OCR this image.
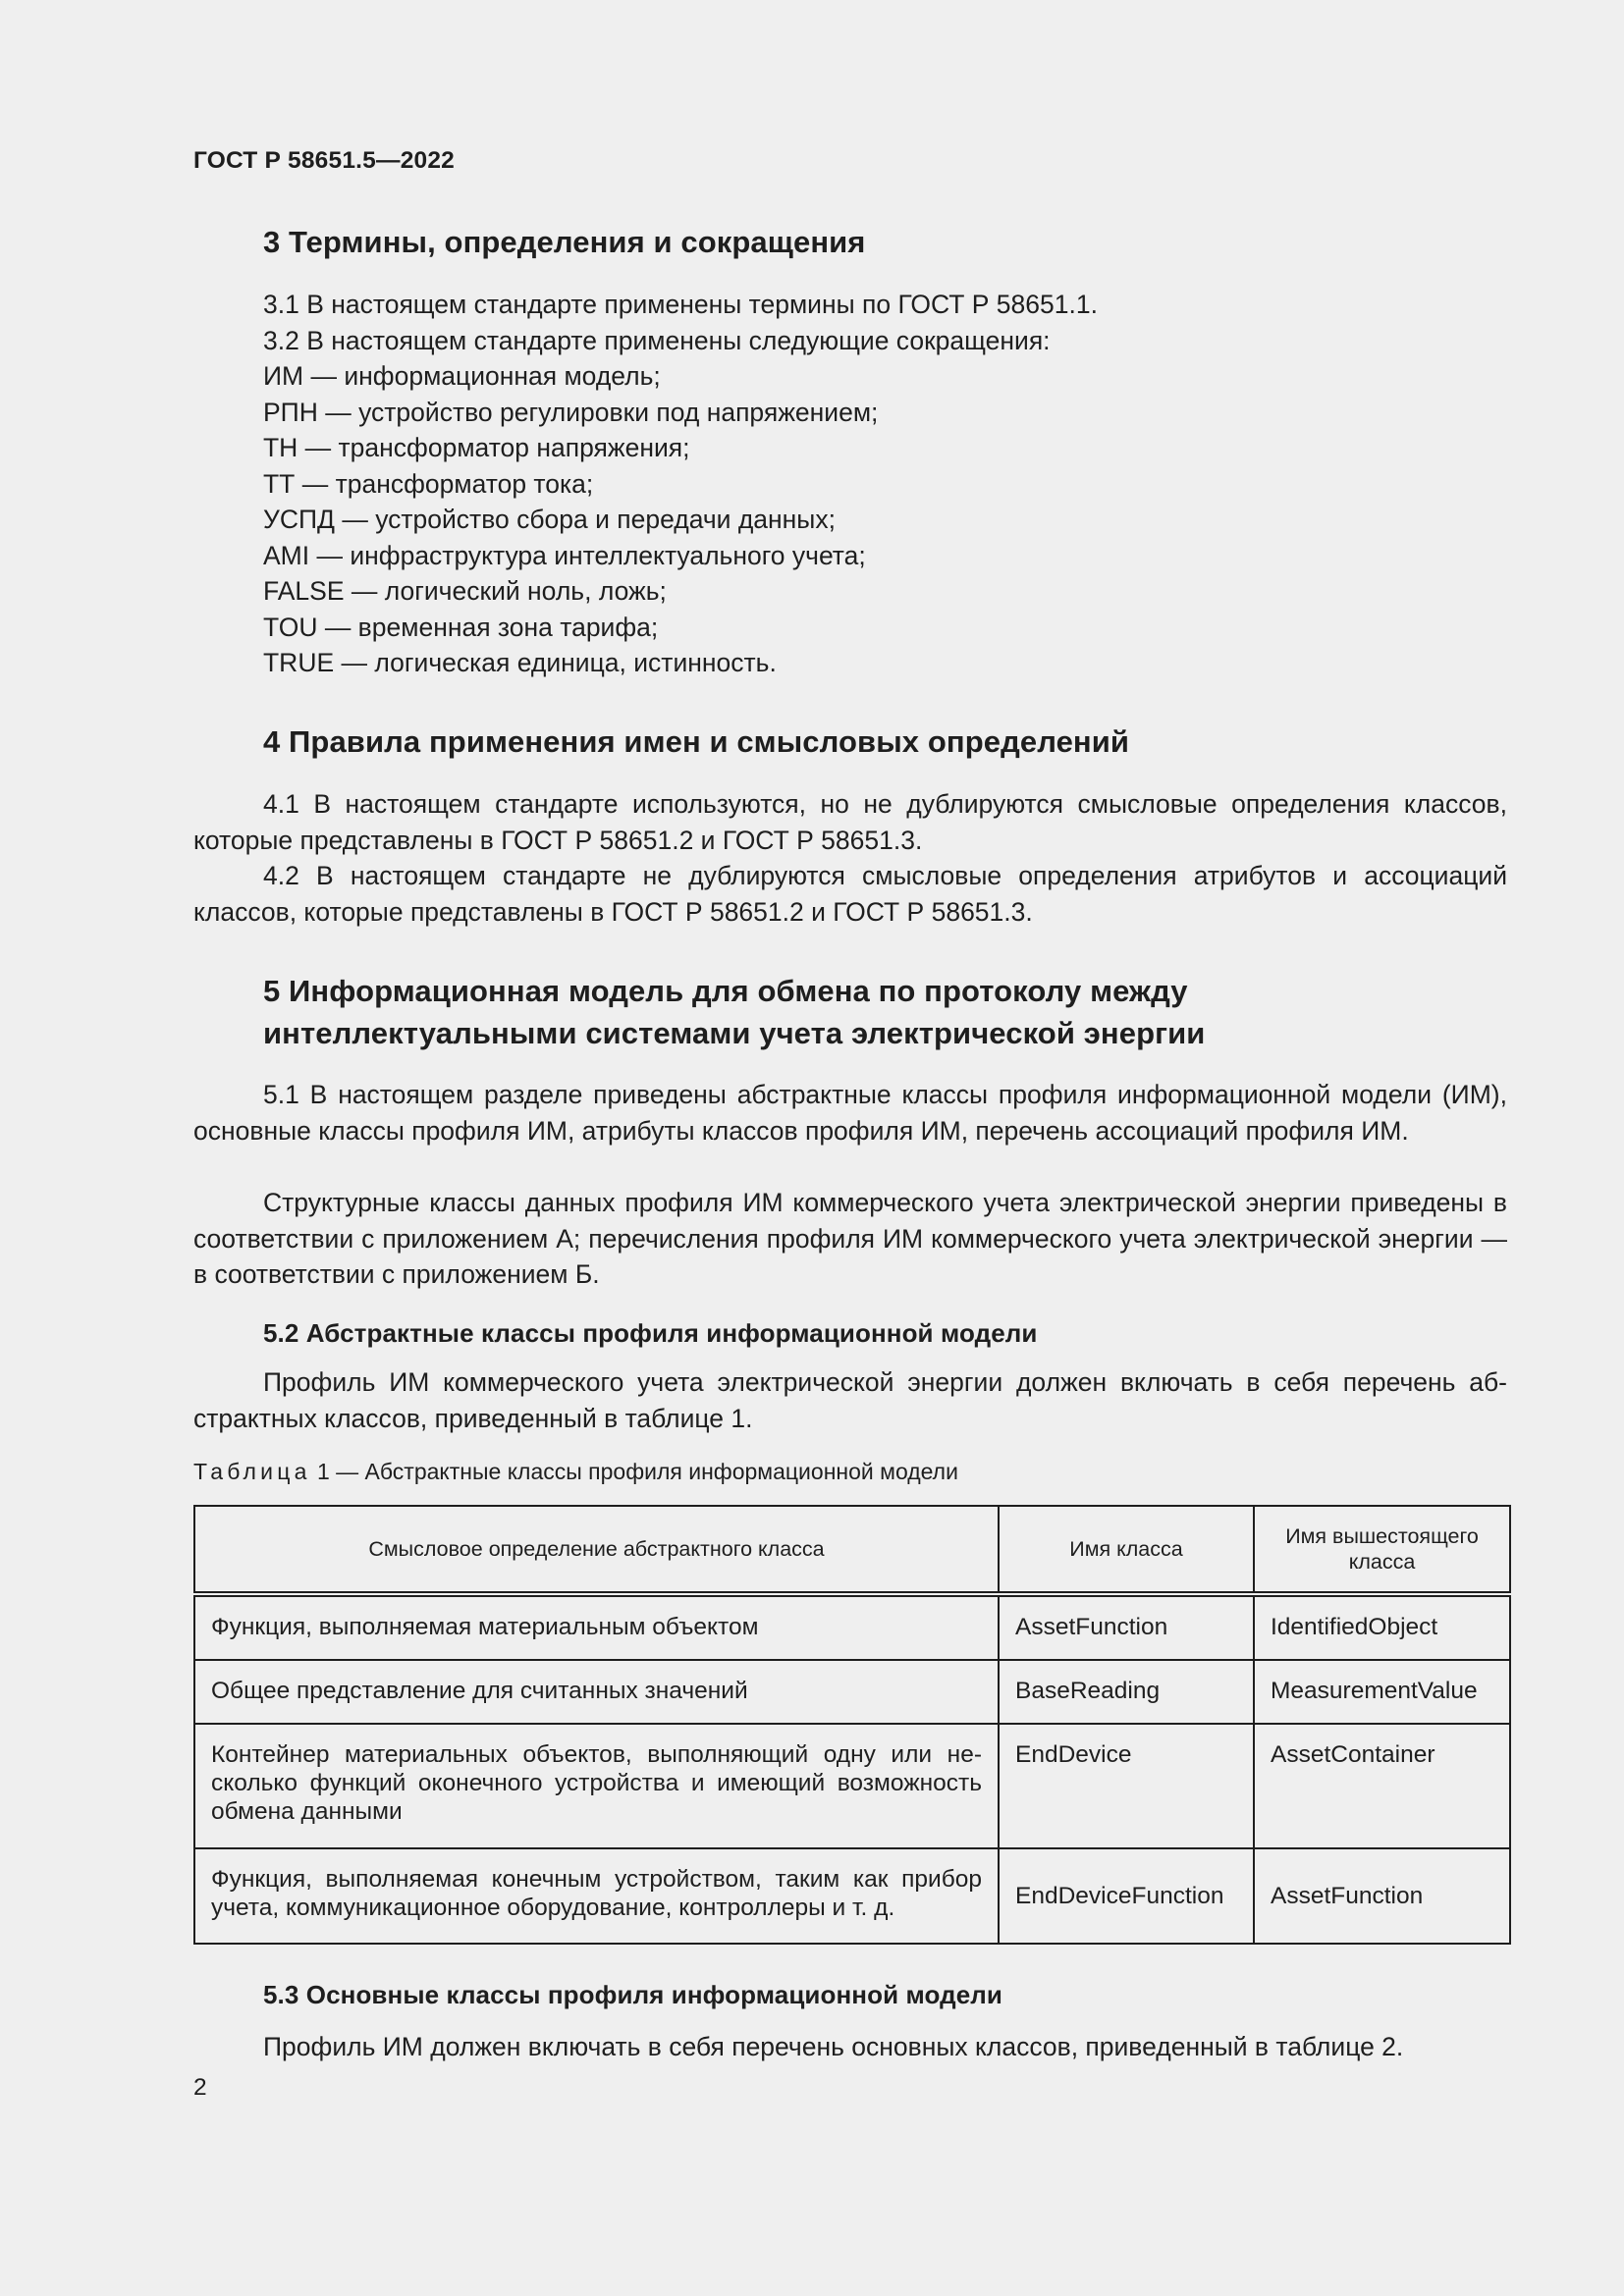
ГОСТ Р 58651.5—2022
3 Термины, определения и сокращения
3.1 В настоящем стандарте применены термины по ГОСТ Р 58651.1.
3.2 В настоящем стандарте применены следующие сокращения:
ИМ — информационная модель;
РПН — устройство регулировки под напряжением;
ТН — трансформатор напряжения;
ТТ — трансформатор тока;
УСПД — устройство сбора и передачи данных;
AMI — инфраструктура интеллектуального учета;
FALSE — логический ноль, ложь;
TOU — временная зона тарифа;
TRUE — логическая единица, истинность.
4 Правила применения имен и смысловых определений
4.1 В настоящем стандарте используются, но не дублируются смысловые определения классов, которые представлены в ГОСТ Р 58651.2 и ГОСТ Р 58651.3.
4.2 В настоящем стандарте не дублируются смысловые определения атрибутов и ассоциаций классов, которые представлены в ГОСТ Р 58651.2 и ГОСТ Р 58651.3.
5 Информационная модель для обмена по протоколу между
интеллектуальными системами учета электрической энергии
5.1 В настоящем разделе приведены абстрактные классы профиля информационной модели (ИМ), основные классы профиля ИМ, атрибуты классов профиля ИМ, перечень ассоциаций профиля ИМ.
Структурные классы данных профиля ИМ коммерческого учета электрической энергии приведены в соответствии с приложением А; перечисления профиля ИМ коммерческого учета электрической энергии — в соответствии с приложением Б.
5.2 Абстрактные классы профиля информационной модели
Профиль ИМ коммерческого учета электрической энергии должен включать в себя перечень абстрактных классов, приведенный в таблице 1.
Таблица 1 — Абстрактные классы профиля информационной модели
Смысловое определение абстрактного класса	Имя класса	Имя вышестоящего класса

Функция, выполняемая материальным объектом	AssetFunction	IdentifiedObject

Общее представление для считанных значений	BaseReading	MeasurementValue

Контейнер материальных объектов, выполняющий одну или несколько функций оконечного устройства и имеющий возможность обмена данными	EndDevice	AssetContainer

Функция, выполняемая конечным устройством, таким как прибор учета, коммуникационное оборудование, контроллеры и т. д.	EndDeviceFunction	AssetFunction
5.3 Основные классы профиля информационной модели
Профиль ИМ должен включать в себя перечень основных классов, приведенный в таблице 2.
2
